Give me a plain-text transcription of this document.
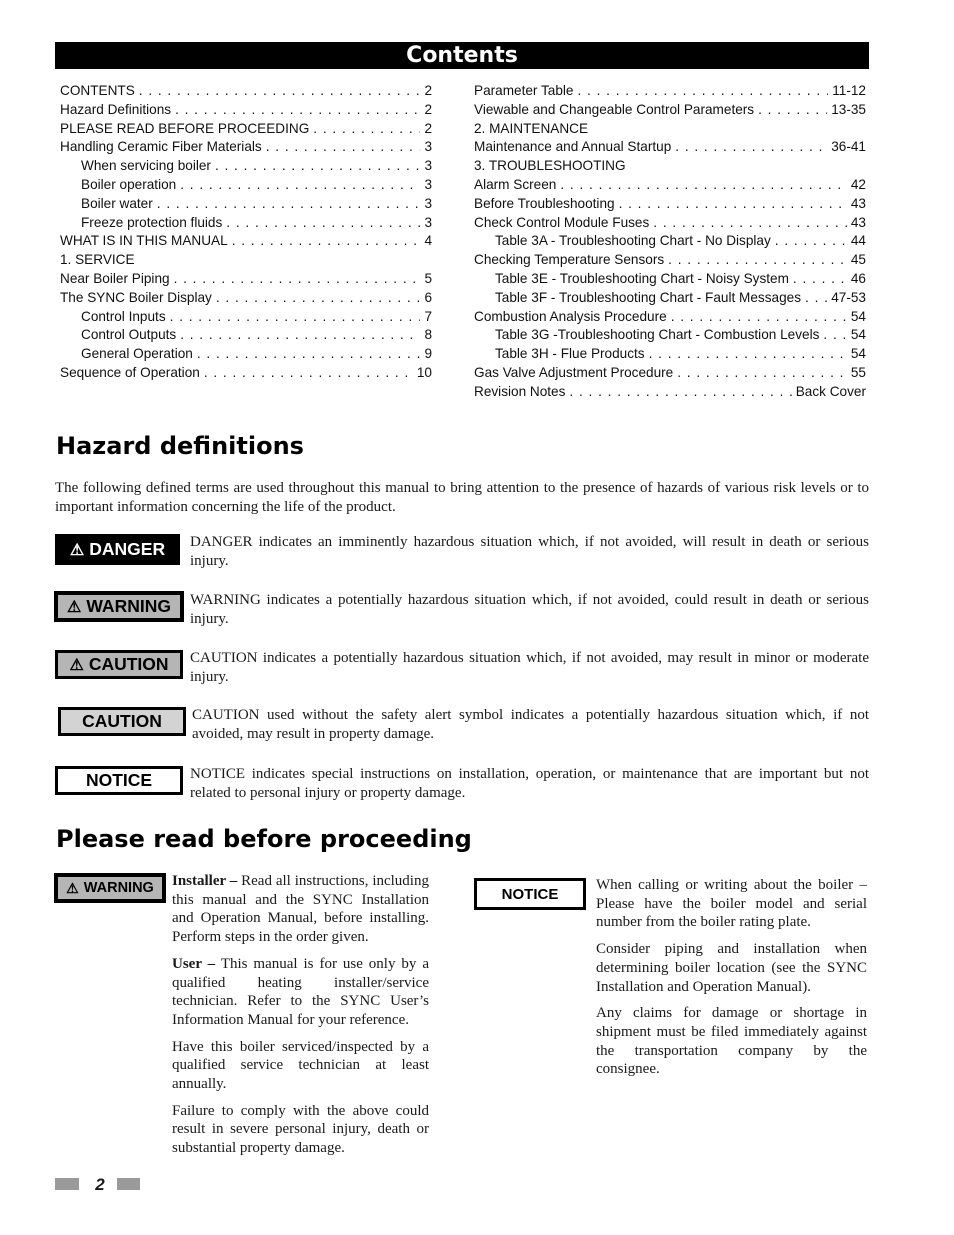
Contents
CONTENTS . . .	2
Hazard Definitions . . .	2
PLEASE READ BEFORE PROCEEDING . . .	2
Handling Ceramic Fiber Materials . . .	3
When servicing boiler . . .	3
Boiler operation . . .	3
Boiler water . . .	3
Freeze protection fluids . . .	3
WHAT IS IN THIS MANUAL . . .	4
1. SERVICE
Near Boiler Piping . . .	5
The SYNC Boiler Display . . .	6
Control Inputs . . .	7
Control Outputs . . .	8
General Operation . . .	9
Sequence of Operation . . .	10
Parameter Table . . .	11-12
Viewable and Changeable Control Parameters . . .	13-35
2. MAINTENANCE
Maintenance and Annual Startup . . .	36-41
3. TROUBLESHOOTING
Alarm Screen . . .	42
Before Troubleshooting . . .	43
Check Control Module Fuses . . .	43
Table 3A - Troubleshooting Chart - No Display . . .	44
Checking Temperature Sensors . . .	45
Table 3E - Troubleshooting Chart - Noisy System . . .	46
Table 3F - Troubleshooting Chart - Fault Messages . . . 47-53
Combustion Analysis Procedure . . .	54
Table 3G -Troubleshooting Chart - Combustion Levels . . . 54
Table 3H - Flue Products . . .	54
Gas Valve Adjustment Procedure . . .	55
Revision Notes . . .	Back Cover
Hazard definitions
The following defined terms are used throughout this manual to bring attention to the presence of hazards of various risk levels or to important information concerning the life of the product.
⚠ DANGER DANGER indicates an imminently hazardous situation which, if not avoided, will result in death or serious injury.
⚠ WARNING WARNING indicates a potentially hazardous situation which, if not avoided, could result in death or serious injury.
⚠ CAUTION CAUTION indicates a potentially hazardous situation which, if not avoided, may result in minor or moderate injury.
CAUTION	CAUTION used without the safety alert symbol indicates a potentially hazardous situation which, if not avoided, may result in property damage.
NOTICE	NOTICE indicates special instructions on installation, operation, or maintenance that are important but not related to personal injury or property damage.
Please read before proceeding
⚠ WARNING Installer – Read all instructions, including this manual and the SYNC Installation and Operation Manual, before installing. Perform steps in the order given.

User – This manual is for use only by a qualified heating installer/service technician. Refer to the SYNC User’s Information Manual for your reference.

Have this boiler serviced/inspected by a qualified service technician at least annually.

Failure to comply with the above could result in severe personal injury, death or substantial property damage.

NOTICE

When calling or writing about the boiler – Please have the boiler model and serial number from the boiler rating plate.

Consider piping and installation when determining boiler location (see the SYNC Installation and Operation Manual).

Any claims for damage or shortage in shipment must be filed immediately against the transportation company by the consignee.

2
